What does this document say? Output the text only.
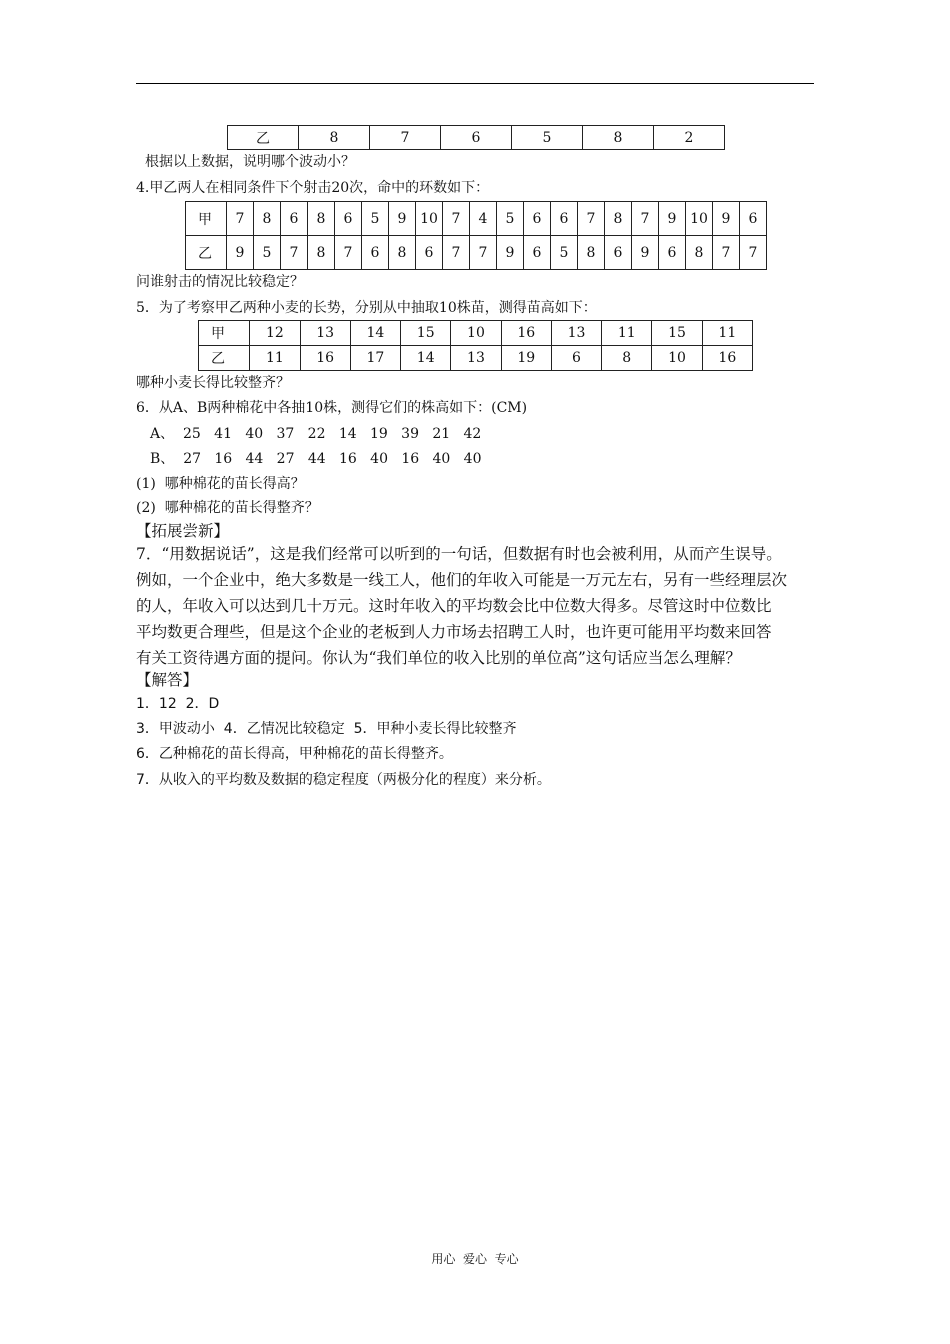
乙	8	7	6	5	8	2
根据以上数据，说明哪个波动小？
4.甲乙两人在相同条件下个射击20次，命中的环数如下：
甲	7	8	6	8	6	5	9	10	7	4	5	6	6	7	8	7	9	10	9	6
乙	9	5	7	8	7	6	8	6	7	7	9	6	5	8	6	9	6	8	7	7
问谁射击的情况比较稳定？
5．为了考察甲乙两种小麦的长势，分别从中抽取10株苗，测得苗高如下：
甲	12	13	14	15	10	16	13	11	15	11
乙	11	16	17	14	13	19	6	8	10	16
哪种小麦长得比较整齐？
6．从A、B两种棉花中各抽10株，测得它们的株高如下：(CM)
A、  25   41   40   37   22   14   19   39   21   42
B、  27   16   44   27   44   16   40   16   40   40
(1)  哪种棉花的苗长得高？
(2)  哪种棉花的苗长得整齐？
【拓展尝新】
7．“用数据说话”，这是我们经常可以听到的一句话，但数据有时也会被利用，从而产生误导。
例如，一个企业中，绝大多数是一线工人，他们的年收入可能是一万元左右，另有一些经理层次
的人，年收入可以达到几十万元。这时年收入的平均数会比中位数大得多。尽管这时中位数比
平均数更合理些，但是这个企业的老板到人力市场去招聘工人时，也许更可能用平均数来回答
有关工资待遇方面的提问。你认为“我们单位的收入比别的单位高”这句话应当怎么理解？
【解答】
1．12  2．D
3．甲波动小  4．乙情况比较稳定  5．甲种小麦长得比较整齐
6．乙种棉花的苗长得高，甲种棉花的苗长得整齐。
7．从收入的平均数及数据的稳定程度（两极分化的程度）来分析。
用心  爱心  专心
